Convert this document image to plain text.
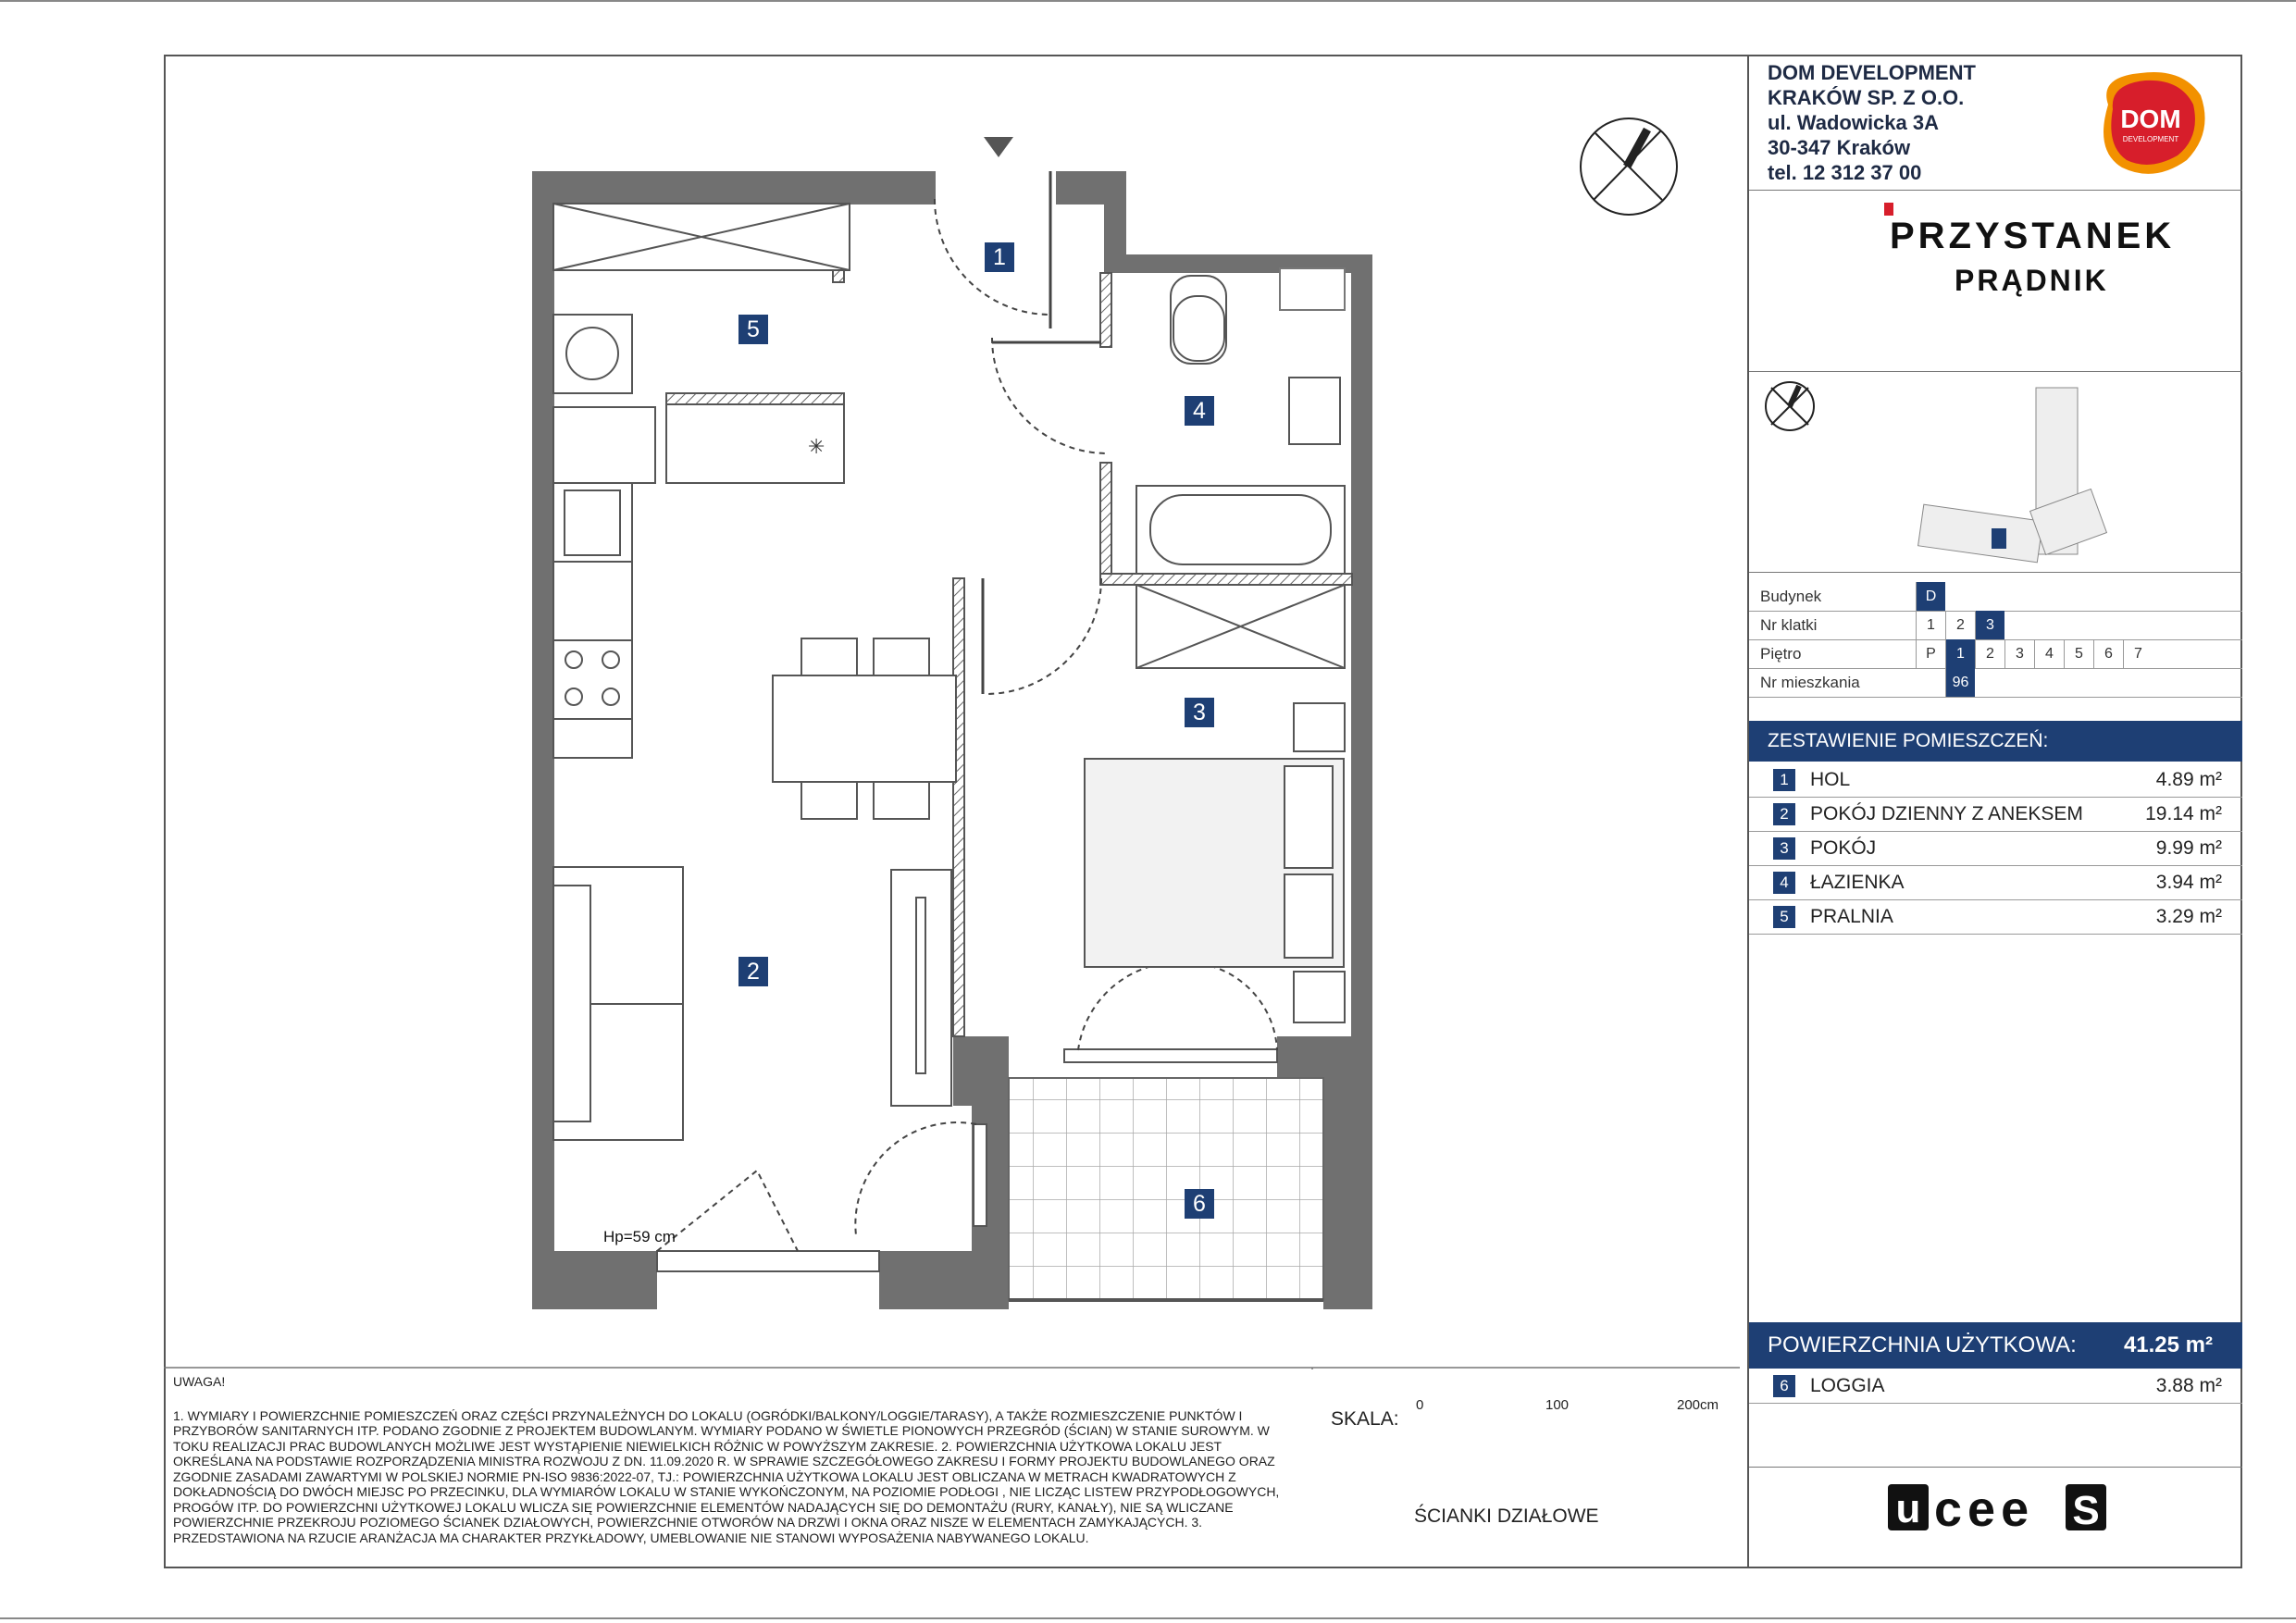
✳
1
2
3
4
5
6
Hp=59 cm
DOM DEVELOPMENT
KRAKÓW SP. Z O.O.
ul. Wadowicka 3A
30-347 Kraków
tel. 12 312 37 00
DOM
DEVELOPMENT
PRZYSTANEK
PRĄDNIK
Budynek	D
Nr klatki	1	2	3
Piętro	P	1	2	3	4	5	6	7
Nr mieszkania	96
ZESTAWIENIE POMIESZCZEŃ:
1	HOL	4.89 m²
2	POKÓJ DZIENNY Z ANEKSEM	19.14 m²
3	POKÓJ	9.99 m²
4	ŁAZIENKA	3.94 m²
5	PRALNIA	3.29 m²
POWIERZCHNIA UŻYTKOWA: 41.25 m²
6	LOGGIA	3.88 m²
u cee S
UWAGA!
1. WYMIARY I POWIERZCHNIE POMIESZCZEŃ ORAZ CZĘŚCI PRZYNALEŻNYCH DO LOKALU (OGRÓDKI/BALKONY/LOGGIE/TARASY), A TAKŻE ROZMIESZCZENIE PUNKTÓW I PRZYBORÓW SANITARNYCH ITP. PODANO ZGODNIE Z PROJEKTEM BUDOWLANYM. WYMIARY PODANO W ŚWIETLE PIONOWYCH PRZEGRÓD (ŚCIAN) W STANIE SUROWYM. W TOKU REALIZACJI PRAC BUDOWLANYCH MOŻLIWE JEST WYSTĄPIENIE NIEWIELKICH RÓŻNIC W POWYŻSZYM ZAKRESIE. 2. POWIERZCHNIA UŻYTKOWA LOKALU JEST OKREŚLANA NA PODSTAWIE ROZPORZĄDZENIA MINISTRA ROZWOJU Z DN. 11.09.2020 R. W SPRAWIE SZCZEGÓŁOWEGO ZAKRESU I FORMY PROJEKTU BUDOWLANEGO ORAZ ZGODNIE ZASADAMI ZAWARTYMI W POLSKIEJ NORMIE PN-ISO 9836:2022-07, TJ.: POWIERZCHNIA UŻYTKOWA LOKALU JEST OBLICZANA W METRACH KWADRATOWYCH Z DOKŁADNOŚCIĄ DO DWÓCH MIEJSC PO PRZECINKU, DLA WYMIARÓW LOKALU W STANIE WYKOŃCZONYM, NA POZIOMIE PODŁOGI , NIE LICZĄC LISTEW PRZYPODŁOGOWYCH, PROGÓW ITP. DO POWIERZCHNI UŻYTKOWEJ LOKALU WLICZA SIĘ POWIERZCHNIE ELEMENTÓW NADAJĄCYCH SIĘ DO DEMONTAŻU (RURY, KANAŁY), NIE SĄ WLICZANE POWIERZCHNIE PRZEKROJU POZIOMEGO ŚCIANEK DZIAŁOWYCH, POWIERZCHNIE OTWORÓW NA DRZWI I OKNA ORAZ NISZE W ELEMENTACH ZAMYKAJĄCYCH. 3. PRZEDSTAWIONA NA RZUCIE ARANŻACJA MA CHARAKTER PRZYKŁADOWY, UMEBLOWANIE NIE STANOWI WYPOSAŻENIA NABYWANEGO LOKALU.
SKALA:
0	100	200cm
ŚCIANKI DZIAŁOWE
